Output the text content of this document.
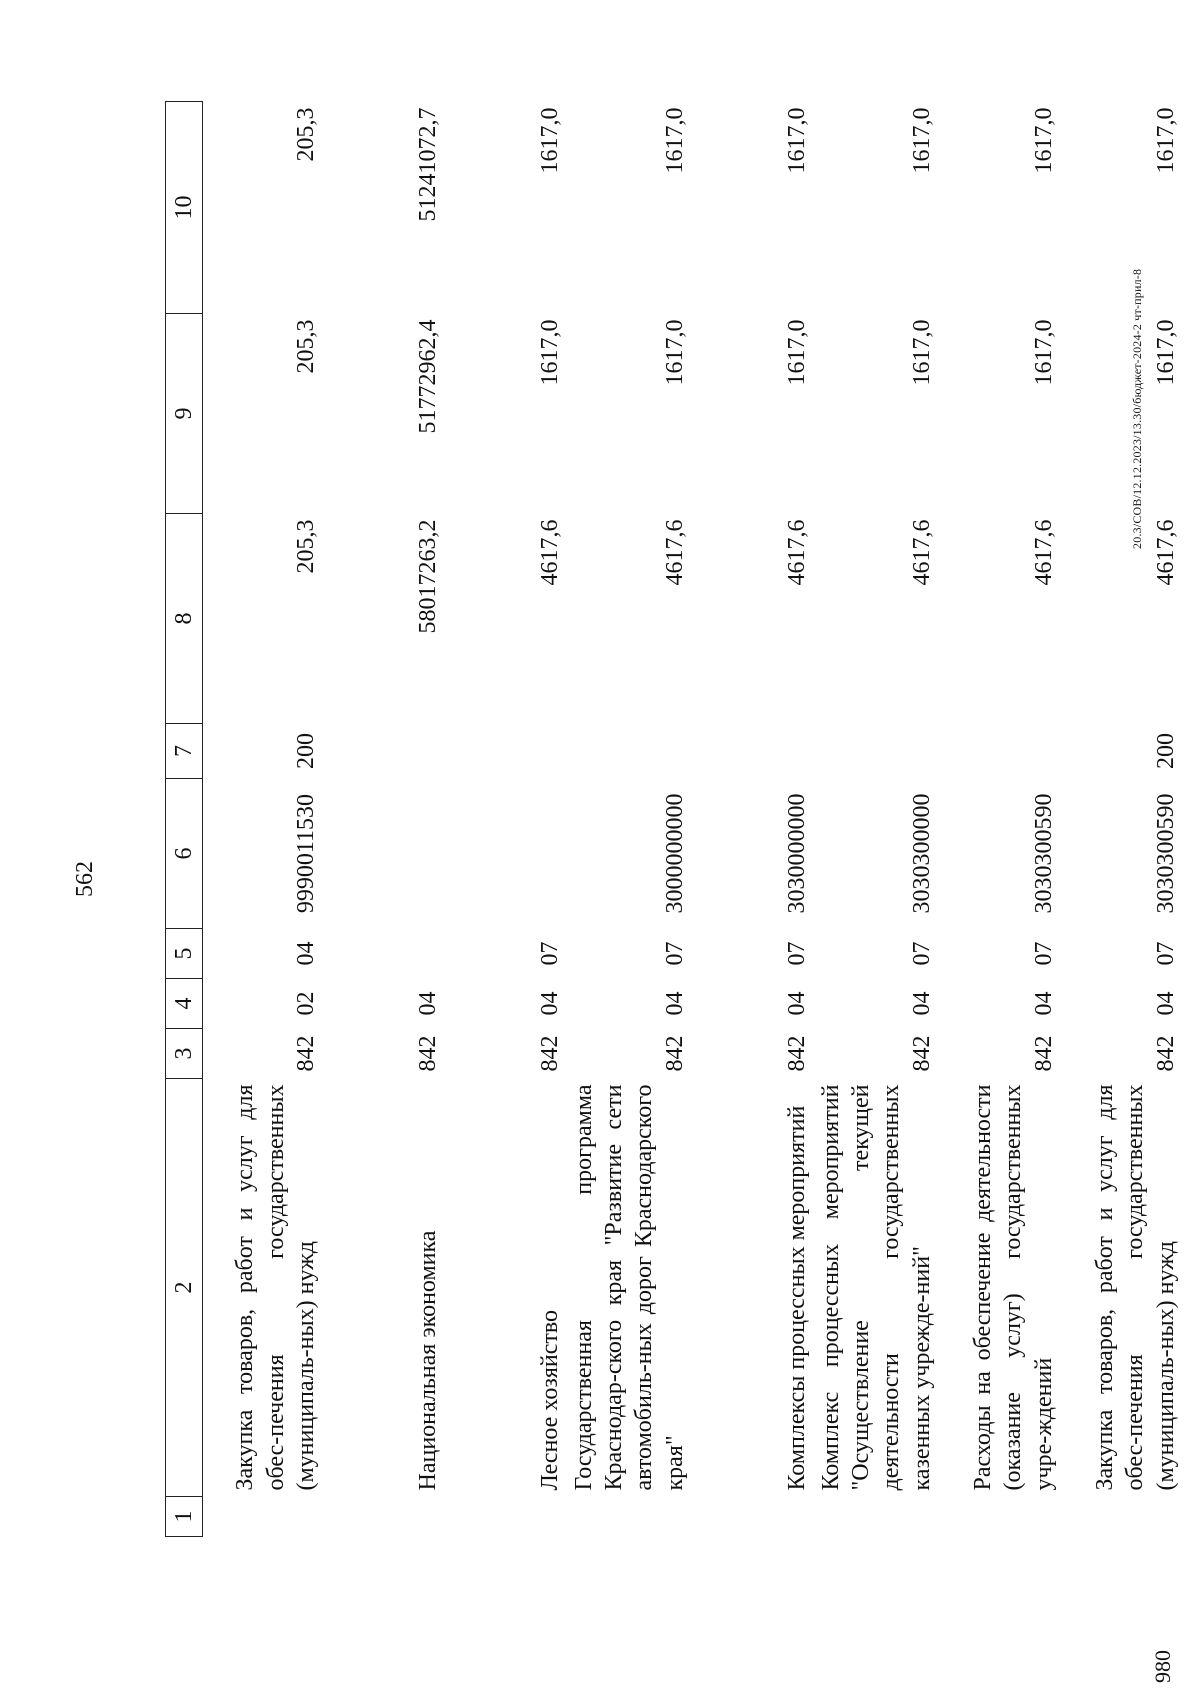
562
1	2	3	4	5	6	7	8	9	10
	Закупка товаров, работ и услуг для обес-печения государственных (муниципаль-ных) нужд	842	02	04	9990011530	200	205,3	205,3	205,3
	Национальная экономика	842	04				58017263,2	51772962,4	51241072,7
	Лесное хозяйство	842	04	07			4617,6	1617,0	1617,0
	Государственная программа Краснодар-ского края "Развитие сети автомобиль-ных дорог Краснодарского края"	842	04	07	3000000000		4617,6	1617,0	1617,0
	Комплексы процессных мероприятий	842	04	07	3030000000		4617,6	1617,0	1617,0
	Комплекс процессных мероприятий "Осуществление текущей деятельности государственных казенных учрежде-ний"	842	04	07	3030300000		4617,6	1617,0	1617,0
	Расходы на обеспечение деятельности (оказание услуг) государственных учре-ждений	842	04	07	3030300590		4617,6	1617,0	1617,0
	Закупка товаров, работ и услуг для обес-печения государственных (муниципаль-ных) нужд	842	04	07	3030300590	200	4617,6	1617,0	1617,0
20.3/СОВ/12.12.2023/13.30/бюджет-2024-2 чт-прил-8
980
